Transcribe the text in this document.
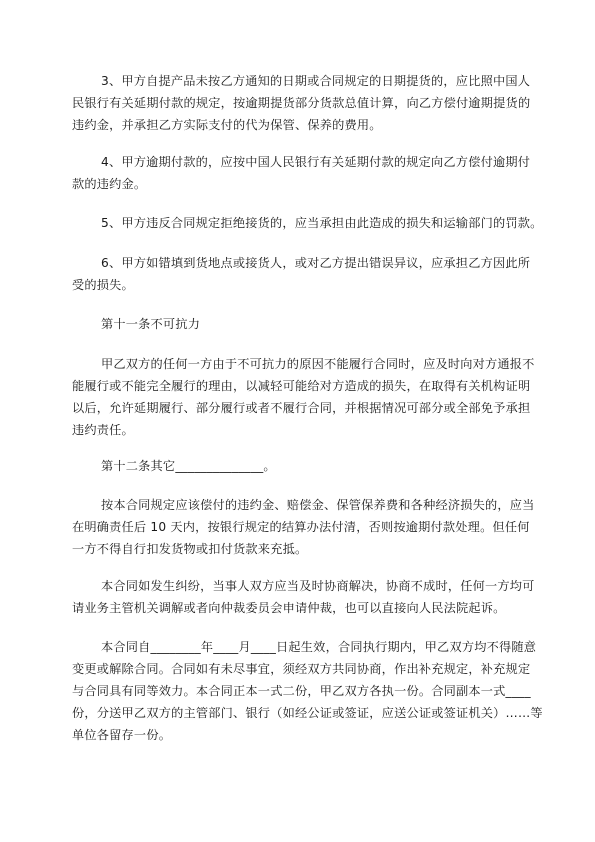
3、甲方自提产品未按乙方通知的日期或合同规定的日期提货的，应比照中国人
民银行有关延期付款的规定，按逾期提货部分货款总值计算，向乙方偿付逾期提货的
违约金，并承担乙方实际支付的代为保管、保养的费用。

4、甲方逾期付款的，应按中国人民银行有关延期付款的规定向乙方偿付逾期付
款的违约金。

5、甲方违反合同规定拒绝接货的，应当承担由此造成的损失和运输部门的罚款。

6、甲方如错填到货地点或接货人，或对乙方提出错误异议，应承担乙方因此所
受的损失。

第十一条不可抗力

甲乙双方的任何一方由于不可抗力的原因不能履行合同时，应及时向对方通报不
能履行或不能完全履行的理由，以减轻可能给对方造成的损失，在取得有关机构证明
以后，允许延期履行、部分履行或者不履行合同，并根据情况可部分或全部免予承担
违约责任。

第十二条其它______________。

按本合同规定应该偿付的违约金、赔偿金、保管保养费和各种经济损失的，应当
在明确责任后 10 天内，按银行规定的结算办法付清，否则按逾期付款处理。但任何
一方不得自行扣发货物或扣付货款来充抵。

本合同如发生纠纷，当事人双方应当及时协商解决，协商不成时，任何一方均可
请业务主管机关调解或者向仲裁委员会申请仲裁，也可以直接向人民法院起诉。

本合同自________年____月____日起生效，合同执行期内，甲乙双方均不得随意
变更或解除合同。合同如有未尽事宜，须经双方共同协商，作出补充规定，补充规定
与合同具有同等效力。本合同正本一式二份，甲乙双方各执一份。合同副本一式____
份，分送甲乙双方的主管部门、银行（如经公证或签证，应送公证或签证机关）……等
单位各留存一份。
